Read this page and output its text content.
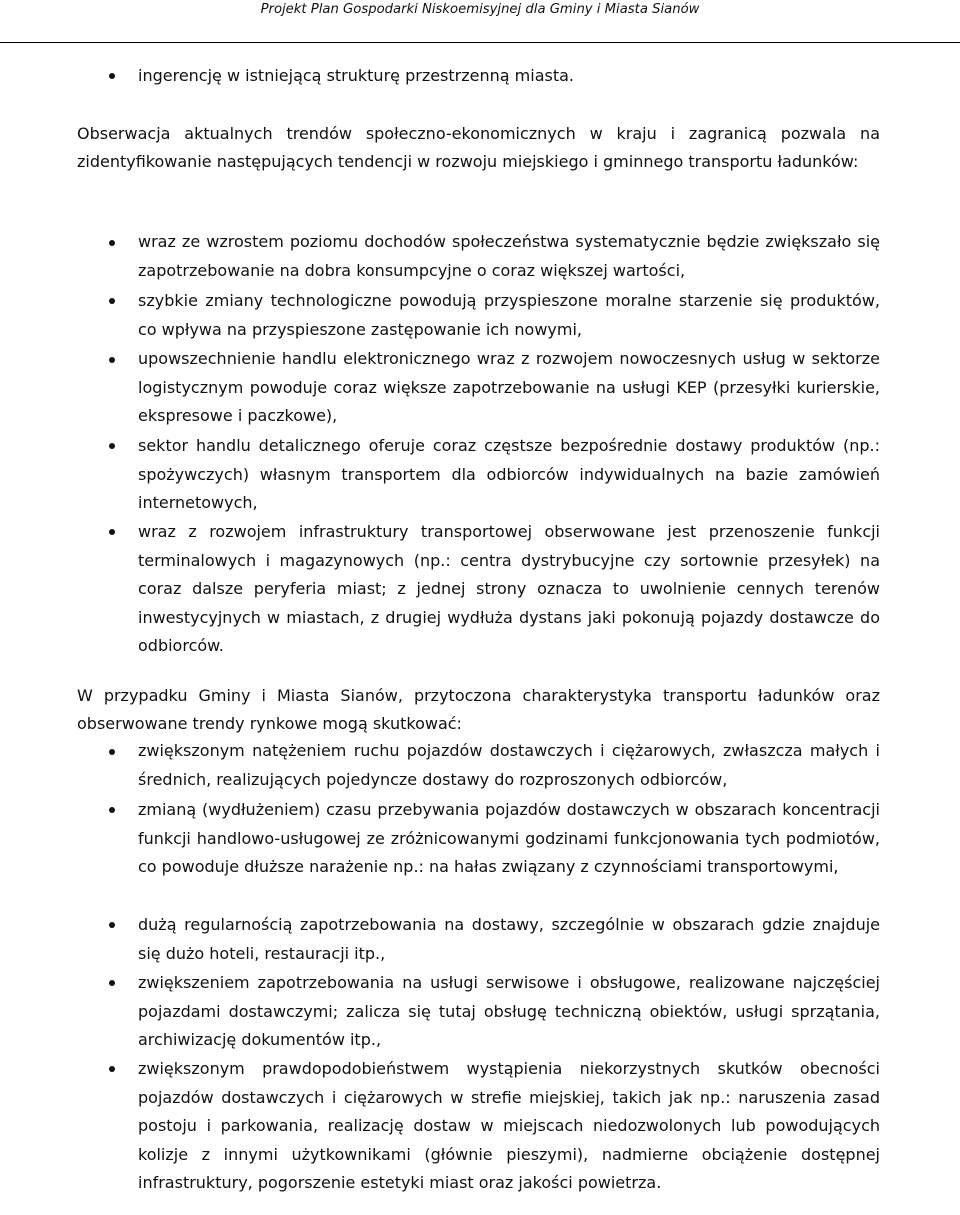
Projekt Plan Gospodarki Niskoemisyjnej dla Gminy i Miasta Sianów

ingerencję w istniejącą strukturę przestrzenną miasta.

Obserwacja aktualnych trendów społeczno-ekonomicznych w kraju i zagranicą pozwala na zidentyfikowanie następujących tendencji w rozwoju miejskiego i gminnego transportu ładunków:

wraz ze wzrostem poziomu dochodów społeczeństwa systematycznie będzie zwiększało się zapotrzebowanie na dobra konsumpcyjne o coraz większej wartości,

szybkie zmiany technologiczne powodują przyspieszone moralne starzenie się produktów, co wpływa na przyspieszone zastępowanie ich nowymi,

upowszechnienie handlu elektronicznego wraz z rozwojem nowoczesnych usług w sektorze logistycznym powoduje coraz większe zapotrzebowanie na usługi KEP (przesyłki kurierskie, ekspresowe i paczkowe),

sektor handlu detalicznego oferuje coraz częstsze bezpośrednie dostawy produktów (np.: spożywczych) własnym transportem dla odbiorców indywidualnych na bazie zamówień internetowych,

wraz z rozwojem infrastruktury transportowej obserwowane jest przenoszenie funkcji terminalowych i magazynowych (np.: centra dystrybucyjne czy sortownie przesyłek) na coraz dalsze peryferia miast; z jednej strony oznacza to uwolnienie cennych terenów inwestycyjnych w miastach, z drugiej wydłuża dystans jaki pokonują pojazdy dostawcze do odbiorców.

W przypadku Gminy i Miasta Sianów, przytoczona charakterystyka transportu ładunków oraz obserwowane trendy rynkowe mogą skutkować:

zwiększonym natężeniem ruchu pojazdów dostawczych i ciężarowych, zwłaszcza małych i średnich, realizujących pojedyncze dostawy do rozproszonych odbiorców,

zmianą (wydłużeniem) czasu przebywania pojazdów dostawczych w obszarach koncentracji funkcji handlowo-usługowej ze zróżnicowanymi godzinami funkcjonowania tych podmiotów, co powoduje dłuższe narażenie np.: na hałas związany z czynnościami transportowymi,

dużą regularnością zapotrzebowania na dostawy, szczególnie w obszarach gdzie znajduje się dużo hoteli, restauracji itp.,

zwiększeniem zapotrzebowania na usługi serwisowe i obsługowe, realizowane najczęściej pojazdami dostawczymi; zalicza się tutaj obsługę techniczną obiektów, usługi sprzątania, archiwizację dokumentów itp.,

zwiększonym prawdopodobieństwem wystąpienia niekorzystnych skutków obecności pojazdów dostawczych i ciężarowych w strefie miejskiej, takich jak np.: naruszenia zasad postoju i parkowania, realizację dostaw w miejscach niedozwolonych lub powodujących kolizje z innymi użytkownikami (głównie pieszymi), nadmierne obciążenie dostępnej infrastruktury, pogorszenie estetyki miast oraz jakości powietrza.
